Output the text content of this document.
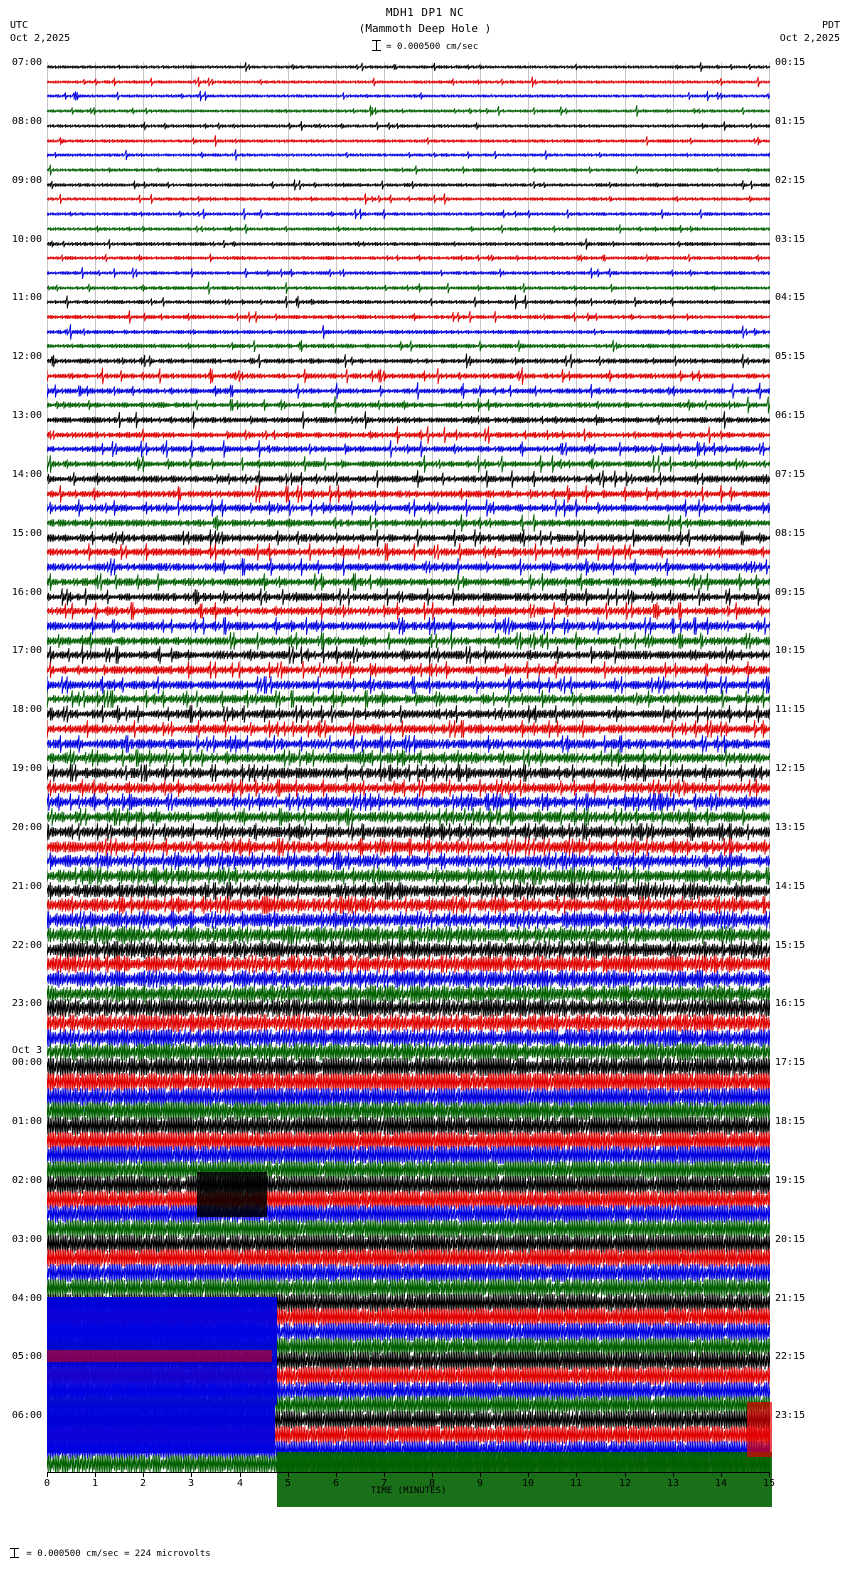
MDH1 DP1 NC
(Mammoth Deep Hole )
= 0.000500 cm/sec
UTC
Oct 2,2025
PDT
Oct 2,2025
07:00
08:00
09:00
10:00
11:00
12:00
13:00
14:00
15:00
16:00
17:00
18:00
19:00
20:00
21:00
22:00
23:00
00:00
01:00
02:00
03:00
04:00
05:00
06:00
Oct 3
00:15
01:15
02:15
03:15
04:15
05:15
06:15
07:15
08:15
09:15
10:15
11:15
12:15
13:15
14:15
15:15
16:15
17:15
18:15
19:15
20:15
21:15
22:15
23:15
0	1	2	3	4	5	6	7	8	9	10	11	12	13	14	15
TIME (MINUTES)
= 0.000500 cm/sec = 224 microvolts
